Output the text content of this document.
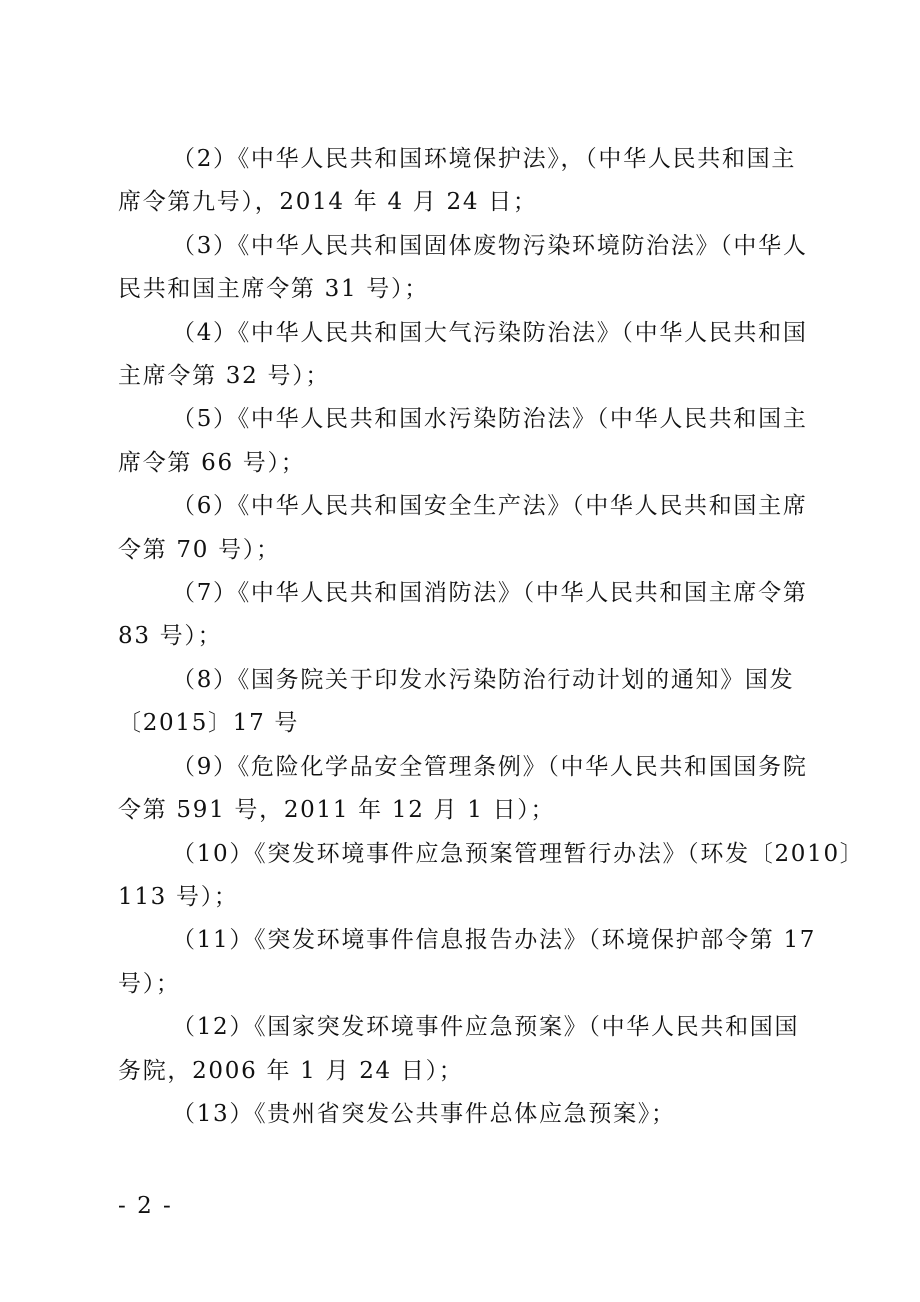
（2）《中华人民共和国环境保护法》，（中华人民共和国主
席令第九号），2014 年 4 月 24 日；

（3）《中华人民共和国固体废物污染环境防治法》（中华人
民共和国主席令第 31 号）；

（4）《中华人民共和国大气污染防治法》（中华人民共和国
主席令第 32 号）；

（5）《中华人民共和国水污染防治法》（中华人民共和国主
席令第 66 号）；

（6）《中华人民共和国安全生产法》（中华人民共和国主席
令第 70 号）；

（7）《中华人民共和国消防法》（中华人民共和国主席令第
83 号）；

（8）《国务院关于印发水污染防治行动计划的通知》国发
〔2015〕17 号

（9）《危险化学品安全管理条例》（中华人民共和国国务院
令第 591 号，2011 年 12 月 1 日）；

（10）《突发环境事件应急预案管理暂行办法》（环发〔2010〕
113 号）；

（11）《突发环境事件信息报告办法》（环境保护部令第 17
号）；

（12）《国家突发环境事件应急预案》（中华人民共和国国
务院，2006 年 1 月 24 日）；

（13）《贵州省突发公共事件总体应急预案》；

- 2 -
